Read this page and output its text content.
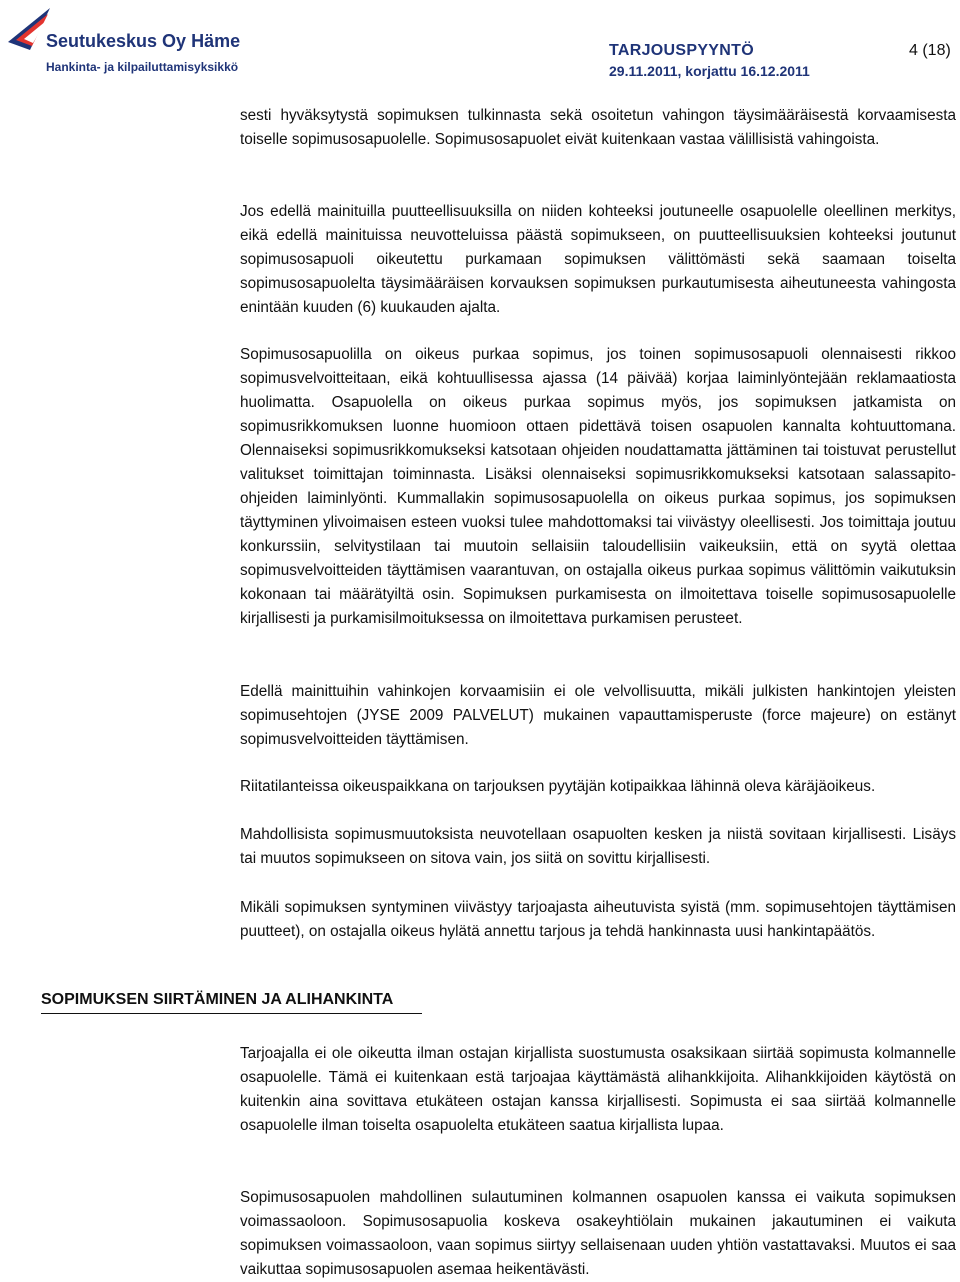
Seutukeskus Oy Häme
Hankinta- ja kilpailuttamisyksikkö
TARJOUSPYYNTÖ
29.11.2011, korjattu 16.12.2011
4 (18)

sesti hyväksytystä sopimuksen tulkinnasta sekä osoitetun vahingon täysimääräisestä korvaamisesta toiselle sopimusosapuolelle. Sopimusosapuolet eivät kuitenkaan vastaa välillisistä vahingoista.

Jos edellä mainituilla puutteellisuuksilla on niiden kohteeksi joutuneelle osapuolelle oleellinen merkitys, eikä edellä mainituissa neuvotteluissa päästä sopimukseen, on puutteellisuuksien kohteeksi joutunut sopimusosapuoli oikeutettu purkamaan sopimuksen välittömästi sekä saamaan toiselta sopimusosapuolelta täysimääräisen korvauksen sopimuksen purkautumisesta aiheutuneesta vahingosta enintään kuuden (6) kuukauden ajalta.

Sopimusosapuolilla on oikeus purkaa sopimus, jos toinen sopimusosapuoli olennaisesti rikkoo sopimusvelvoitteitaan, eikä kohtuullisessa ajassa (14 päivää) korjaa laiminlyöntejään reklamaatiosta huolimatta. Osapuolella on oikeus purkaa sopimus myös, jos sopimuksen jatkamista on sopimusrikkomuksen luonne huomioon ottaen pidettävä toisen osapuolen kannalta kohtuuttomana. Olennaiseksi sopimusrikkomukseksi katsotaan ohjeiden noudattamatta jättäminen tai toistuvat perustellut valitukset toimittajan toiminnasta. Lisäksi olennaiseksi sopimusrikkomukseksi katsotaan salassapito-ohjeiden laiminlyönti. Kummallakin sopimusosapuolella on oikeus purkaa sopimus, jos sopimuksen täyttyminen ylivoimaisen esteen vuoksi tulee mahdottomaksi tai viivästyy oleellisesti. Jos toimittaja joutuu konkurssiin, selvitystilaan tai muutoin sellaisiin taloudellisiin vaikeuksiin, että on syytä olettaa sopimusvelvoitteiden täyttämisen vaarantuvan, on ostajalla oikeus purkaa sopimus välittömin vaikutuksin kokonaan tai määrätyiltä osin. Sopimuksen purkamisesta on ilmoitettava toiselle sopimusosapuolelle kirjallisesti ja purkamisilmoituksessa on ilmoitettava purkamisen perusteet.

Edellä mainittuihin vahinkojen korvaamisiin ei ole velvollisuutta, mikäli julkisten hankintojen yleisten sopimusehtojen (JYSE 2009 PALVELUT) mukainen vapauttamisperuste (force majeure) on estänyt sopimusvelvoitteiden täyttämisen.

Riitatilanteissa oikeuspaikkana on tarjouksen pyytäjän kotipaikkaa lähinnä oleva käräjäoikeus.

Mahdollisista sopimusmuutoksista neuvotellaan osapuolten kesken ja niistä sovitaan kirjallisesti. Lisäys tai muutos sopimukseen on sitova vain, jos siitä on sovittu kirjallisesti.

Mikäli sopimuksen syntyminen viivästyy tarjoajasta aiheutuvista syistä (mm. sopimusehtojen täyttämisen puutteet), on ostajalla oikeus hylätä annettu tarjous ja tehdä hankinnasta uusi hankintapäätös.

SOPIMUKSEN SIIRTÄMINEN JA ALIHANKINTA

Tarjoajalla ei ole oikeutta ilman ostajan kirjallista suostumusta osaksikaan siirtää sopimusta kolmannelle osapuolelle. Tämä ei kuitenkaan estä tarjoajaa käyttämästä alihankkijoita. Alihankkijoiden käytöstä on kuitenkin aina sovittava etukäteen ostajan kanssa kirjallisesti. Sopimusta ei saa siirtää kolmannelle osapuolelle ilman toiselta osapuolelta etukäteen saatua kirjallista lupaa.

Sopimusosapuolen mahdollinen sulautuminen kolmannen osapuolen kanssa ei vaikuta sopimuksen voimassaoloon. Sopimusosapuolia koskeva osakeyhtiölain mukainen jakautuminen ei vaikuta sopimuksen voimassaoloon, vaan sopimus siirtyy sellaisenaan uuden yhtiön vastattavaksi. Muutos ei saa vaikuttaa sopimusosapuolen asemaa heikentävästi.
